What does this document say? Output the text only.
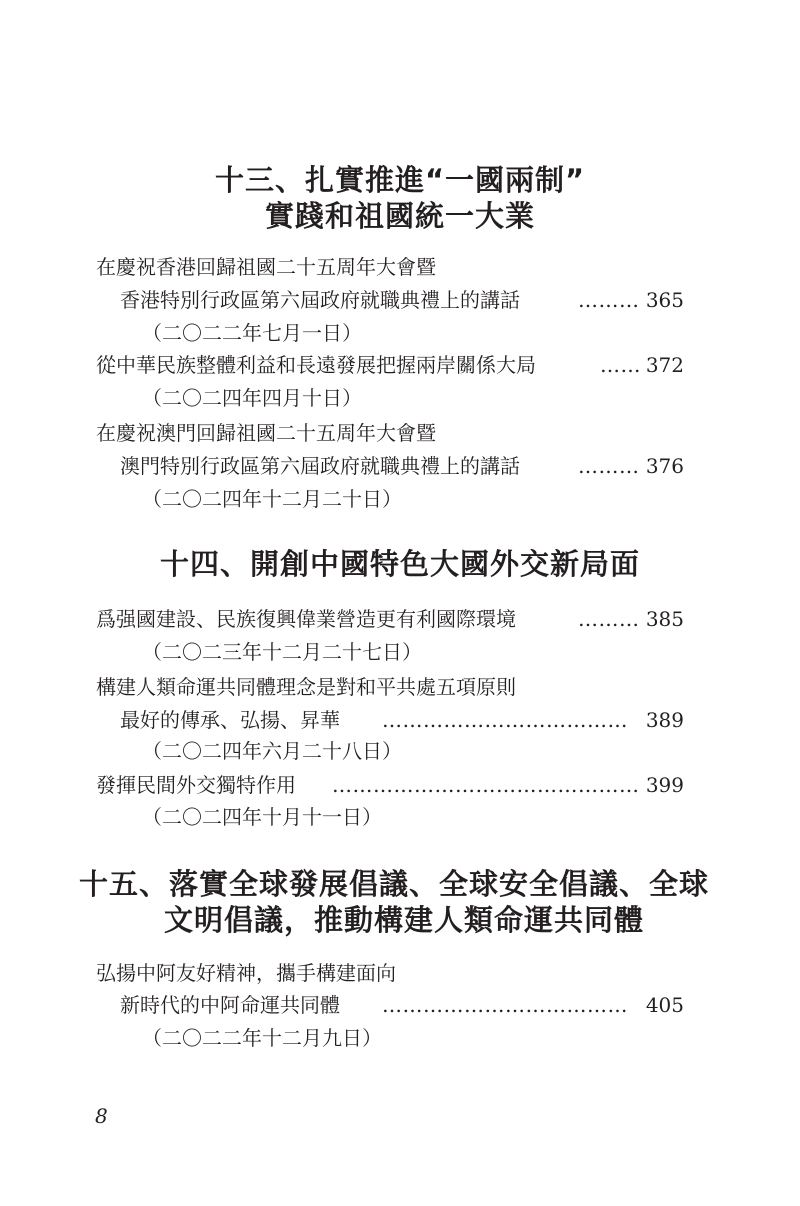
十三、扎實推進“一國兩制”
實踐和祖國統一大業
在慶祝香港回歸祖國二十五周年大會暨
香港特別行政區第六屆政府就職典禮上的講話	……… 365
（二〇二二年七月一日）
從中華民族整體利益和長遠發展把握兩岸關係大局	…… 372
（二〇二四年四月十日）
在慶祝澳門回歸祖國二十五周年大會暨
澳門特別行政區第六屆政府就職典禮上的講話	……… 376
（二〇二四年十二月二十日）
十四、開創中國特色大國外交新局面
爲强國建設、民族復興偉業營造更有利國際環境	……… 385
（二〇二三年十二月二十七日）
構建人類命運共同體理念是對和平共處五項原則
最好的傳承、弘揚、昇華 ……………………………… 389
（二〇二四年六月二十八日）
發揮民間外交獨特作用 ……………………………………… 399
（二〇二四年十月十一日）
十五、落實全球發展倡議、全球安全倡議、全球
文明倡議，推動構建人類命運共同體
弘揚中阿友好精神，攜手構建面向
新時代的中阿命運共同體 ……………………………… 405
（二〇二二年十二月九日）
8
